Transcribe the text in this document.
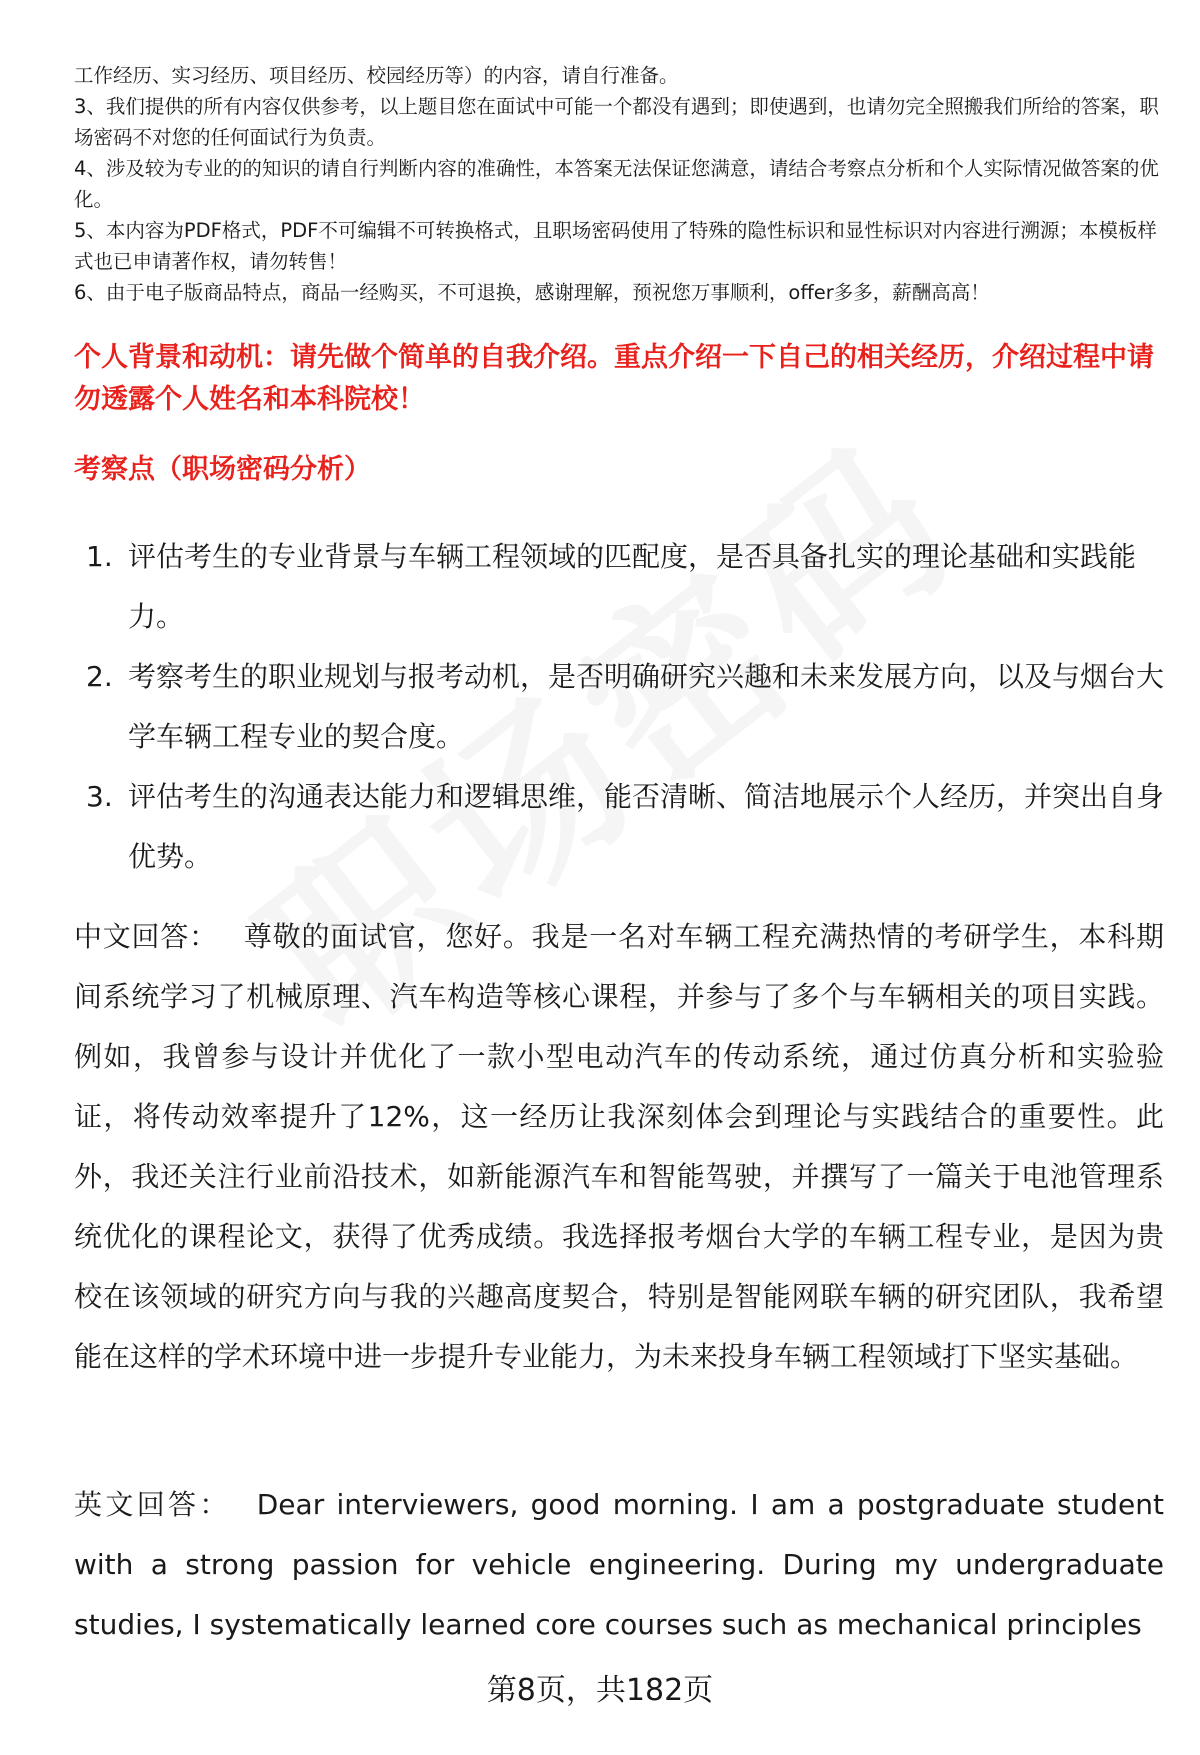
工作经历、实习经历、项目经历、校园经历等）的内容，请自行准备。

3、我们提供的所有内容仅供参考，以上题目您在面试中可能一个都没有遇到；即使遇到，也请勿完全照搬我们所给的答案，职场密码不对您的任何面试行为负责。

4、涉及较为专业的的知识的请自行判断内容的准确性，本答案无法保证您满意，请结合考察点分析和个人实际情况做答案的优化。

5、本内容为PDF格式，PDF不可编辑不可转换格式，且职场密码使用了特殊的隐性标识和显性标识对内容进行溯源；本模板样式也已申请著作权，请勿转售！

6、由于电子版商品特点，商品一经购买，不可退换，感谢理解，预祝您万事顺利，offer多多，薪酬高高！

个人背景和动机：请先做个简单的自我介绍。重点介绍一下自己的相关经历，介绍过程中请勿透露个人姓名和本科院校！
考察点（职场密码分析）
1. 评估考生的专业背景与车辆工程领域的匹配度，是否具备扎实的理论基础和实践能力。
2. 考察考生的职业规划与报考动机，是否明确研究兴趣和未来发展方向，以及与烟台大学车辆工程专业的契合度。
3. 评估考生的沟通表达能力和逻辑思维，能否清晰、简洁地展示个人经历，并突出自身优势。

中文回答： 尊敬的面试官，您好。我是一名对车辆工程充满热情的考研学生，本科期间系统学习了机械原理、汽车构造等核心课程，并参与了多个与车辆相关的项目实践。例如，我曾参与设计并优化了一款小型电动汽车的传动系统，通过仿真分析和实验验证，将传动效率提升了12%，这一经历让我深刻体会到理论与实践结合的重要性。此外，我还关注行业前沿技术，如新能源汽车和智能驾驶，并撰写了一篇关于电池管理系统优化的课程论文，获得了优秀成绩。我选择报考烟台大学的车辆工程专业，是因为贵校在该领域的研究方向与我的兴趣高度契合，特别是智能网联车辆的研究团队，我希望能在这样的学术环境中进一步提升专业能力，为未来投身车辆工程领域打下坚实基础。

英文回答： Dear interviewers, good morning. I am a postgraduate student with a strong passion for vehicle engineering. During my undergraduate studies, I systematically learned core courses such as mechanical principles

第8页，共182页
